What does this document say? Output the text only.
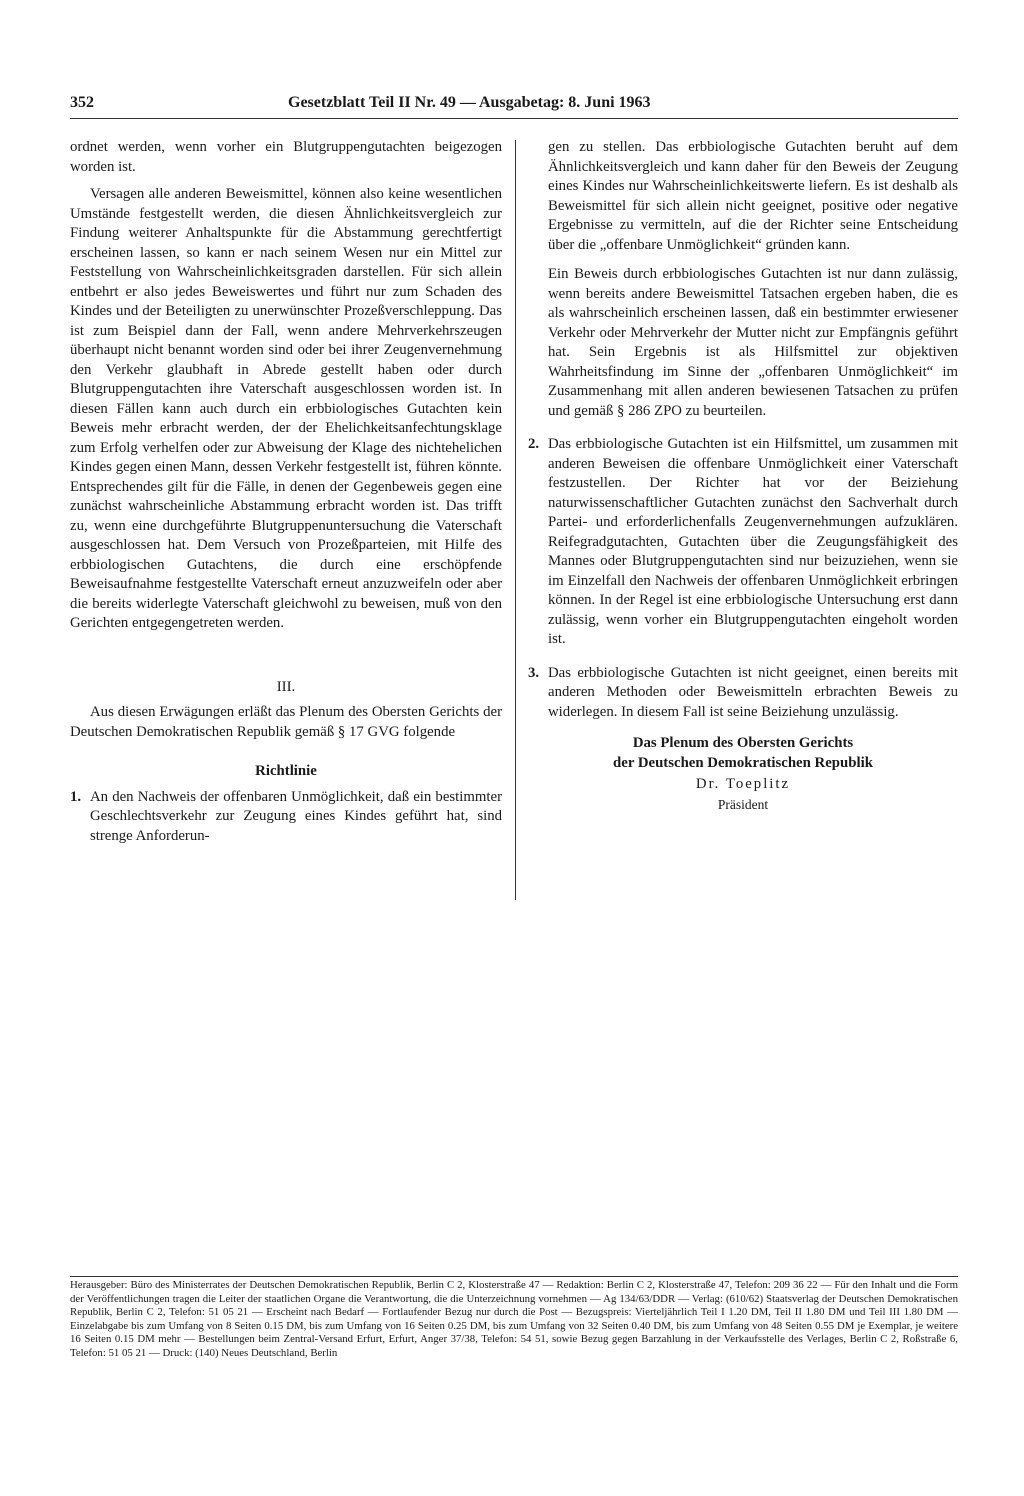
352	Gesetzblatt Teil II Nr. 49 — Ausgabetag: 8. Juni 1963

ordnet werden, wenn vorher ein Blutgruppengutachten beigezogen worden ist.

Versagen alle anderen Beweismittel, können also keine wesentlichen Umstände festgestellt werden, die diesen Ähnlichkeitsvergleich zur Findung weiterer Anhaltspunkte für die Abstammung gerechtfertigt erscheinen lassen, so kann er nach seinem Wesen nur ein Mittel zur Feststellung von Wahrscheinlichkeitsgraden darstellen. Für sich allein entbehrt er also jedes Beweiswertes und führt nur zum Schaden des Kindes und der Beteiligten zu unerwünschter Prozeßverschleppung. Das ist zum Beispiel dann der Fall, wenn andere Mehrverkehrszeugen überhaupt nicht benannt worden sind oder bei ihrer Zeugenvernehmung den Verkehr glaubhaft in Abrede gestellt haben oder durch Blutgruppengutachten ihre Vaterschaft ausgeschlossen worden ist. In diesen Fällen kann auch durch ein erbbiologisches Gutachten kein Beweis mehr erbracht werden, der der Ehelichkeitsanfechtungsklage zum Erfolg verhelfen oder zur Abweisung der Klage des nichtehelichen Kindes gegen einen Mann, dessen Verkehr festgestellt ist, führen könnte. Entsprechendes gilt für die Fälle, in denen der Gegenbeweis gegen eine zunächst wahrscheinliche Abstammung erbracht worden ist. Das trifft zu, wenn eine durchgeführte Blutgruppenuntersuchung die Vaterschaft ausgeschlossen hat. Dem Versuch von Prozeßparteien, mit Hilfe des erbbiologischen Gutachtens, die durch eine erschöpfende Beweisaufnahme festgestellte Vaterschaft erneut anzuzweifeln oder aber die bereits widerlegte Vaterschaft gleichwohl zu beweisen, muß von den Gerichten entgegengetreten werden.

III.

Aus diesen Erwägungen erläßt das Plenum des Obersten Gerichts der Deutschen Demokratischen Republik gemäß § 17 GVG folgende

Richtlinie
1. An den Nachweis der offenbaren Unmöglichkeit, daß ein bestimmter Geschlechtsverkehr zur Zeugung eines Kindes geführt hat, sind strenge Anforderun-

gen zu stellen. Das erbbiologische Gutachten beruht auf dem Ähnlichkeitsvergleich und kann daher für den Beweis der Zeugung eines Kindes nur Wahrscheinlichkeitswerte liefern. Es ist deshalb als Beweismittel für sich allein nicht geeignet, positive oder negative Ergebnisse zu vermitteln, auf die der Richter seine Entscheidung über die „offenbare Unmöglichkeit“ gründen kann.

Ein Beweis durch erbbiologisches Gutachten ist nur dann zulässig, wenn bereits andere Beweismittel Tatsachen ergeben haben, die es als wahrscheinlich erscheinen lassen, daß ein bestimmter erwiesener Verkehr oder Mehrverkehr der Mutter nicht zur Empfängnis geführt hat. Sein Ergebnis ist als Hilfsmittel zur objektiven Wahrheitsfindung im Sinne der „offenbaren Unmöglichkeit“ im Zusammenhang mit allen anderen bewiesenen Tatsachen zu prüfen und gemäß § 286 ZPO zu beurteilen.

2. Das erbbiologische Gutachten ist ein Hilfsmittel, um zusammen mit anderen Beweisen die offenbare Unmöglichkeit einer Vaterschaft festzustellen. Der Richter hat vor der Beiziehung naturwissenschaftlicher Gutachten zunächst den Sachverhalt durch Partei- und erforderlichenfalls Zeugenvernehmungen aufzuklären. Reifegradgutachten, Gutachten über die Zeugungsfähigkeit des Mannes oder Blutgruppengutachten sind nur beizuziehen, wenn sie im Einzelfall den Nachweis der offenbaren Unmöglichkeit erbringen können. In der Regel ist eine erbbiologische Untersuchung erst dann zulässig, wenn vorher ein Blutgruppengutachten eingeholt worden ist.
3. Das erbbiologische Gutachten ist nicht geeignet, einen bereits mit anderen Methoden oder Beweismitteln erbrachten Beweis zu widerlegen. In diesem Fall ist seine Beiziehung unzulässig.
Das Plenum des Obersten Gerichts
der Deutschen Demokratischen Republik
Dr. Toeplitz
Präsident
Herausgeber: Büro des Ministerrates der Deutschen Demokratischen Republik, Berlin C 2, Klosterstraße 47 — Redaktion: Berlin C 2, Klosterstraße 47, Telefon: 209 36 22 — Für den Inhalt und die Form der Veröffentlichungen tragen die Leiter der staatlichen Organe die Verantwortung, die die Unterzeichnung vornehmen — Ag 134/63/DDR — Verlag: (610/62) Staatsverlag der Deutschen Demokratischen Republik, Berlin C 2, Telefon: 51 05 21 — Erscheint nach Bedarf — Fortlaufender Bezug nur durch die Post — Bezugspreis: Vierteljährlich Teil I 1.20 DM, Teil II 1.80 DM und Teil III 1.80 DM — Einzelabgabe bis zum Umfang von 8 Seiten 0.15 DM, bis zum Umfang von 16 Seiten 0.25 DM, bis zum Umfang von 32 Seiten 0.40 DM, bis zum Umfang von 48 Seiten 0.55 DM je Exemplar, je weitere 16 Seiten 0.15 DM mehr — Bestellungen beim Zentral-Versand Erfurt, Erfurt, Anger 37/38, Telefon: 54 51, sowie Bezug gegen Barzahlung in der Verkaufsstelle des Verlages, Berlin C 2, Roßstraße 6, Telefon: 51 05 21 — Druck: (140) Neues Deutschland, Berlin
